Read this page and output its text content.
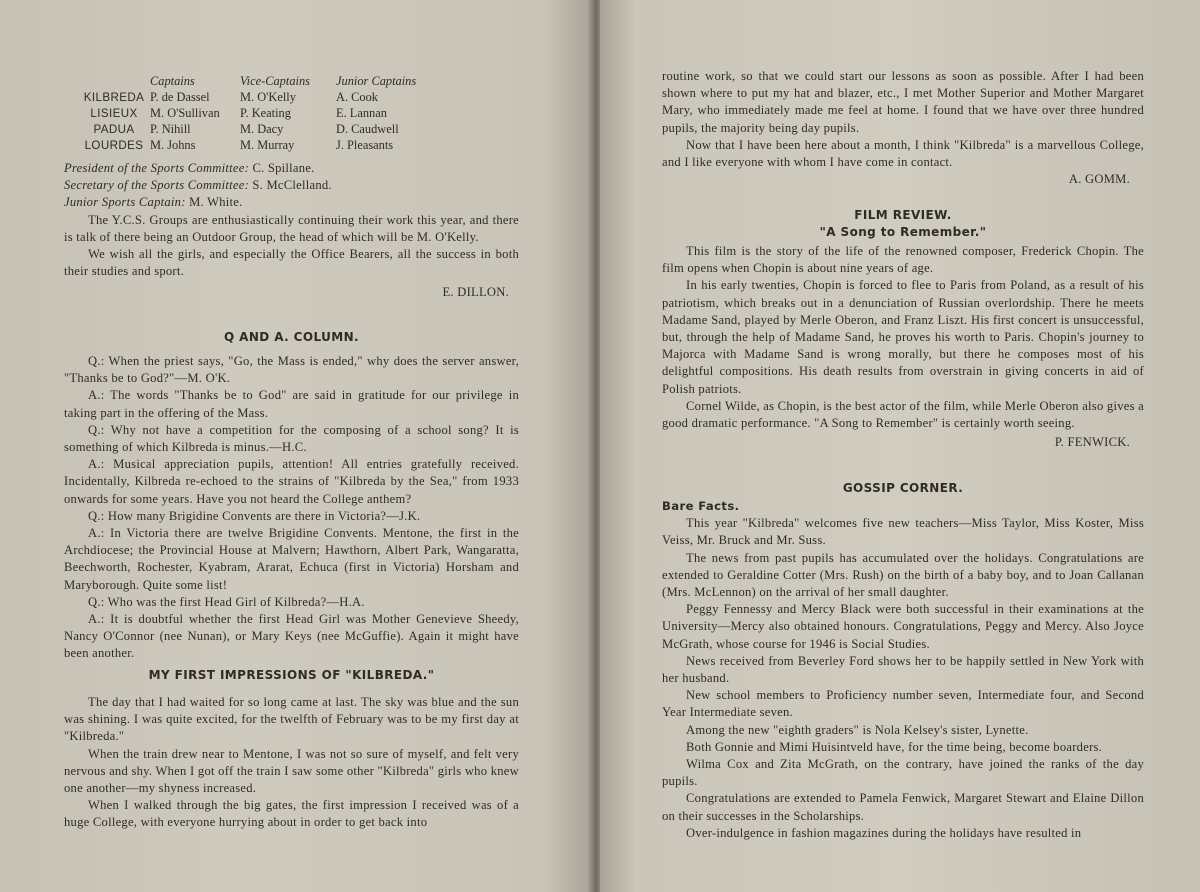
	Captains	Vice-Captains	Junior Captains
KILBREDA	P. de Dassel	M. O'Kelly	A. Cook
LISIEUX	M. O'Sullivan	P. Keating	E. Lannan
PADUA	P. Nihill	M. Dacy	D. Caudwell
LOURDES	M. Johns	M. Murray	J. Pleasants

President of the Sports Committee: C. Spillane.

Secretary of the Sports Committee: S. McClelland.

Junior Sports Captain: M. White.

The Y.C.S. Groups are enthusiastically continuing their work this year, and there is talk of there being an Outdoor Group, the head of which will be M. O'Kelly.

We wish all the girls, and especially the Office Bearers, all the success in both their studies and sport.

E. DILLON.

Q AND A. COLUMN.

Q.: When the priest says, "Go, the Mass is ended," why does the server answer, "Thanks be to God?"—M. O'K.

A.: The words "Thanks be to God" are said in gratitude for our privilege in taking part in the offering of the Mass.

Q.: Why not have a competition for the composing of a school song? It is something of which Kilbreda is minus.—H.C.

A.: Musical appreciation pupils, attention! All entries gratefully received. Incidentally, Kilbreda re-echoed to the strains of "Kilbreda by the Sea," from 1933 onwards for some years. Have you not heard the College anthem?

Q.: How many Brigidine Convents are there in Victoria?—J.K.

A.: In Victoria there are twelve Brigidine Convents. Mentone, the first in the Archdiocese; the Provincial House at Malvern; Hawthorn, Albert Park, Wangaratta, Beechworth, Rochester, Kyabram, Ararat, Echuca (first in Victoria) Horsham and Maryborough. Quite some list!

Q.: Who was the first Head Girl of Kilbreda?—H.A.

A.: It is doubtful whether the first Head Girl was Mother Genevieve Sheedy, Nancy O'Connor (nee Nunan), or Mary Keys (nee McGuffie). Again it might have been another.

MY FIRST IMPRESSIONS OF "KILBREDA."

The day that I had waited for so long came at last. The sky was blue and the sun was shining. I was quite excited, for the twelfth of February was to be my first day at "Kilbreda."

When the train drew near to Mentone, I was not so sure of myself, and felt very nervous and shy. When I got off the train I saw some other "Kilbreda" girls who knew one another—my shyness increased.

When I walked through the big gates, the first impression I received was of a huge College, with everyone hurrying about in order to get back into

routine work, so that we could start our lessons as soon as possible. After I had been shown where to put my hat and blazer, etc., I met Mother Superior and Mother Margaret Mary, who immediately made me feel at home. I found that we have over three hundred pupils, the majority being day pupils.

Now that I have been here about a month, I think "Kilbreda" is a marvellous College, and I like everyone with whom I have come in contact.

A. GOMM.

FILM REVIEW.
"A Song to Remember."

This film is the story of the life of the renowned composer, Frederick Chopin. The film opens when Chopin is about nine years of age.

In his early twenties, Chopin is forced to flee to Paris from Poland, as a result of his patriotism, which breaks out in a denunciation of Russian overlordship. There he meets Madame Sand, played by Merle Oberon, and Franz Liszt. His first concert is unsuccessful, but, through the help of Madame Sand, he proves his worth to Paris. Chopin's journey to Majorca with Madame Sand is wrong morally, but there he composes most of his delightful compositions. His death results from overstrain in giving concerts in aid of Polish patriots.

Cornel Wilde, as Chopin, is the best actor of the film, while Merle Oberon also gives a good dramatic performance. "A Song to Remember" is certainly worth seeing.

P. FENWICK.

GOSSIP CORNER.

Bare Facts.

This year "Kilbreda" welcomes five new teachers—Miss Taylor, Miss Koster, Miss Veiss, Mr. Bruck and Mr. Suss.

The news from past pupils has accumulated over the holidays. Congratulations are extended to Geraldine Cotter (Mrs. Rush) on the birth of a baby boy, and to Joan Callanan (Mrs. McLennon) on the arrival of her small daughter.

Peggy Fennessy and Mercy Black were both successful in their examinations at the University—Mercy also obtained honours. Congratulations, Peggy and Mercy. Also Joyce McGrath, whose course for 1946 is Social Studies.

News received from Beverley Ford shows her to be happily settled in New York with her husband.

New school members to Proficiency number seven, Intermediate four, and Second Year Intermediate seven.

Among the new "eighth graders" is Nola Kelsey's sister, Lynette.

Both Gonnie and Mimi Huisintveld have, for the time being, become boarders.

Wilma Cox and Zita McGrath, on the contrary, have joined the ranks of the day pupils.

Congratulations are extended to Pamela Fenwick, Margaret Stewart and Elaine Dillon on their successes in the Scholarships.

Over-indulgence in fashion magazines during the holidays have resulted in
